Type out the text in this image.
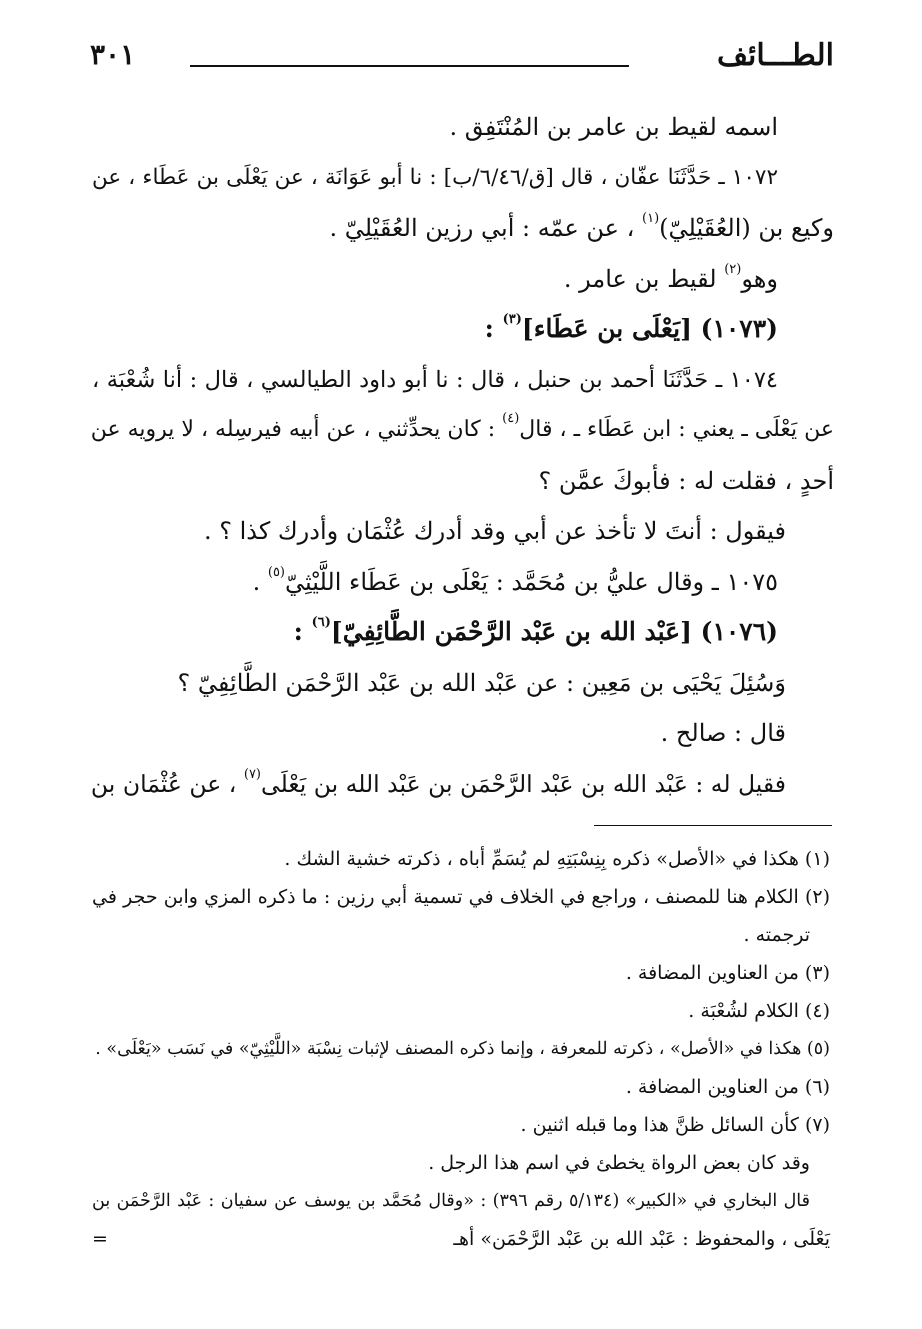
الطـــائف
٣٠١
اسمه لقيط بن عامر بن المُنْتَفِق .
١٠٧٢ ـ حَدَّثَنَا عفّان ، قال [ق/٦/٤٦/ب] : نا أبو عَوَانَة ، عن يَعْلَى بن عَطَاء ، عن
وكيع بن (العُقَيْلِيّ)$^{(١)}$ ، عن عمّه : أبي رزين العُقَيْلِيّ .
وهو$^{(٢)}$ لقيط بن عامر .
(١٠٧٣) [يَعْلَى بن عَطَاء]$^{(٣)}$ :
١٠٧٤ ـ حَدَّثَنَا أحمد بن حنبل ، قال : نا أبو داود الطيالسي ، قال : أنا شُعْبَة ،
عن يَعْلَى ـ يعني : ابن عَطَاء ـ ، قال$^{(٤)}$ : كان يحدِّثني ، عن أبيه فيرسِله ، لا يرويه عن
أحدٍ ، فقلت له : فأبوكَ عمَّن ؟
فيقول : أنتَ لا تأخذ عن أبي وقد أدرك عُثْمَان وأدرك كذا ؟ .
١٠٧٥ ـ وقال عليُّ بن مُحَمَّد : يَعْلَى بن عَطَاء اللَّيْثِيّ$^{(٥)}$ .
(١٠٧٦) [عَبْد الله بن عَبْد الرَّحْمَن الطَّائِفِيّ]$^{(٦)}$ :
وَسُئِلَ يَحْيَى بن مَعِين : عن عَبْد الله بن عَبْد الرَّحْمَن الطَّائِفِيّ ؟
قال : صالح .
فقيل له : عَبْد الله بن عَبْد الرَّحْمَن بن عَبْد الله بن يَعْلَى$^{(٧)}$ ، عن عُثْمَان بن
(١) هكذا في «الأصل» ذكره بِنِسْبَتِهِ لم يُسَمِّ أباه ، ذكرته خشية الشك .
(٢) الكلام هنا للمصنف ، وراجع في الخلاف في تسمية أبي رزين : ما ذكره المزي وابن حجر في
ترجمته .
(٣) من العناوين المضافة .
(٤) الكلام لشُعْبَة .
(٥) هكذا في «الأصل» ، ذكرته للمعرفة ، وإنما ذكره المصنف لإثبات نِسْبَة «اللَّيْثِيّ» في نَسَب «يَعْلَى» .
(٦) من العناوين المضافة .
(٧) كأن السائل ظنَّ هذا وما قبله اثنين .
وقد كان بعض الرواة يخطئ في اسم هذا الرجل .
قال البخاري في «الكبير» (٥/١٣٤ رقم ٣٩٦) : «وقال مُحَمَّد بن يوسف عن سفيان : عَبْد الرَّحْمَن بن
يَعْلَى ، والمحفوظ : عَبْد الله بن عَبْد الرَّحْمَن» أهـ
=
